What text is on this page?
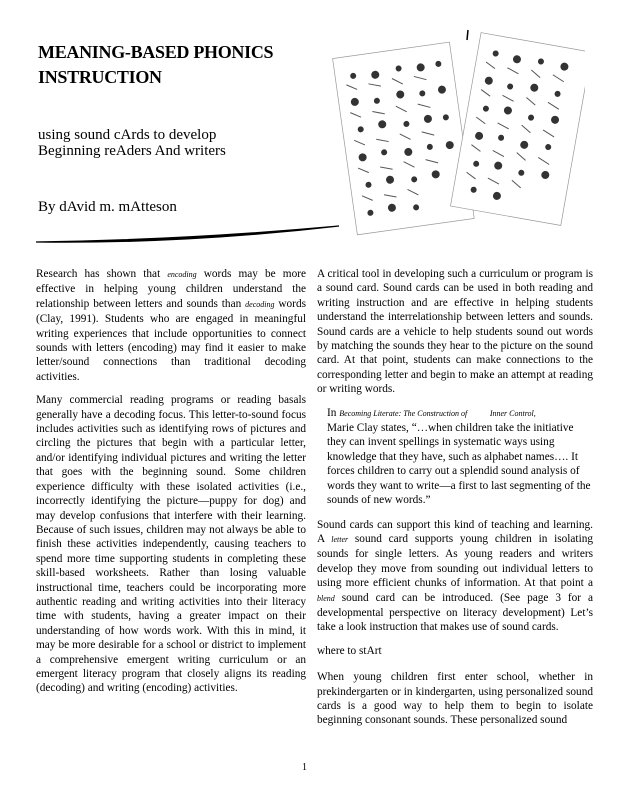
MEANING-BASED PHONICS
INSTRUCTION
using sound cArds to develop
Beginning reAders And writers
By dAvid m. mAtteson

Research has shown that encoding words may be more effective in helping young children understand the relationship between letters and sounds than decoding words (Clay, 1991). Students who are engaged in meaningful writing experiences that include opportunities to connect sounds with letters (encoding) may find it easier to make letter/sound connections than traditional decoding activities.

Many commercial reading programs or reading basals generally have a decoding focus. This letter-to-sound focus includes activities such as identifying rows of pictures and circling the pictures that begin with a particular letter, and/or identifying individual pictures and writing the letter that goes with the beginning sound. Some children experience difficulty with these isolated activities (i.e., incorrectly identifying the picture—puppy for dog) and may develop confusions that interfere with their learning. Because of such issues, children may not always be able to finish these activities independently, causing teachers to spend more time supporting students in completing these skill-based worksheets. Rather than losing valuable instructional time, teachers could be incorporating more authentic reading and writing activities into their literacy time with students, having a greater impact on their understanding of how words work. With this in mind, it may be more desirable for a school or district to implement a comprehensive emergent writing curriculum or an emergent literacy program that closely aligns its reading (decoding) and writing (encoding) activities.

A critical tool in developing such a curriculum or program is a sound card. Sound cards can be used in both reading and writing instruction and are effective in helping students understand the interrelationship between letters and sounds. Sound cards are a vehicle to help students sound out words by matching the sounds they hear to the picture on the sound card. At that point, students can make connections to the corresponding letter and begin to make an attempt at reading or writing words.

In Becoming Literate: The Construction of	Inner Control,
Marie Clay states, “…when children take the initiative they can invent spellings in systematic ways using knowledge that they have, such as alphabet names…. It forces children to carry out a splendid sound analysis of words they want to write—a first to last segmenting of the sounds of new words.”

Sound cards can support this kind of teaching and learning. A letter sound card supports young children in isolating sounds for single letters. As young readers and writers develop they move from sounding out individual letters to using more efficient chunks of information. At that point a blend sound card can be introduced. (See page 3 for a developmental perspective on literacy development) Let’s take a look instruction that makes use of sound cards.

where to stArt

When young children first enter school, whether in prekindergarten or in kindergarten, using personalized sound cards is a good way to help them to begin to isolate beginning consonant sounds. These personalized sound

1
